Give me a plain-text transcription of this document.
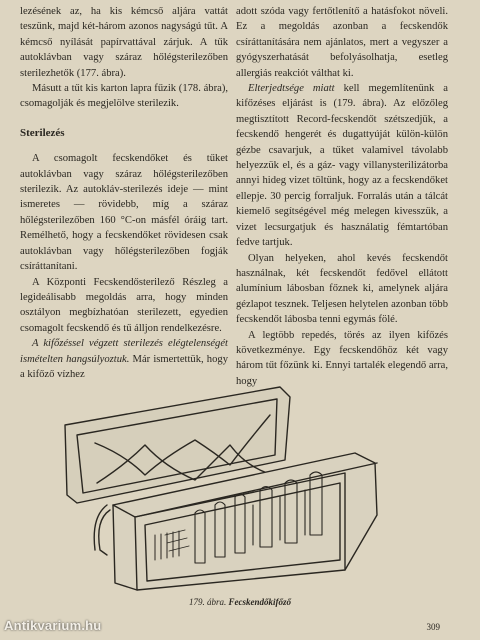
lezésének az, ha kis kémcső aljára vattát teszünk, majd két-három azonos nagyságú tűt. A kémcső nyílását papírvattával zárjuk. A tűk autoklávban vagy száraz hőlégsterilezőben sterilezhetők (177. ábra).

Másutt a tűt kis karton lapra fűzik (178. ábra), csomagolják és megjelölve sterilezik.

Sterilezés

A csomagolt fecskendőket és tűket autoklávban vagy száraz hőlégsterilezőben sterilezik. Az autokláv-sterilezés ideje — mint ismeretes — rövidebb, míg a száraz hőlégsterilezőben 160 °C-on másfél óráig tart. Remélhető, hogy a fecskendőket rövidesen csak autoklávban vagy hőlégsterilezőben fogják csíráttanítani.

A Központi Fecskendősterilező Részleg a legideálisabb megoldás arra, hogy minden osztályon megbízhatóan sterilezett, egyedien csomagolt fecskendő és tű álljon rendelkezésre.

A kifőzéssel végzett sterilezés elégtelenségét ismételten hangsúlyoztuk. Már ismertettük, hogy a kifőző vízhez

adott szóda vagy fertőtlenítő a hatásfokot növeli. Ez a megoldás azonban a fecskendők csíráttanítására nem ajánlatos, mert a vegyszer a gyógyszerhatását befolyásolhatja, esetleg allergiás reakciót válthat ki.

Elterjedtsége miatt kell megemlítenünk a kifőzéses eljárást is (179. ábra). Az előzőleg megtisztított Record-fecskendőt szétszedjük, a fecskendő hengerét és dugattyúját külön-külön gézbe csavarjuk, a tűket valamivel távolabb helyezzük el, és a gáz- vagy villanysterilizátorba annyi hideg vizet töltünk, hogy az a fecskendőket ellepje. 30 percig forraljuk. Forralás után a tálcát kiemelő segítségével még melegen kivesszük, a vizet lecsurgatjuk és használatig fémtartóban fedve tartjuk.

Olyan helyeken, ahol kevés fecskendőt használnak, két fecskendőt fedővel ellátott alumínium lábosban főznek ki, amelynek aljára gézlapot tesznek. Teljesen helytelen azonban több fecskendőt lábosba tenni egymás fölé.

A legtöbb repedés, törés az ilyen kifőzés következménye. Egy fecskendőhöz két vagy három tűt főzünk ki. Ennyi tartalék elegendő arra, hogy

179. ábra. Fecskendőkifőző
309
Antikvarium.hu
